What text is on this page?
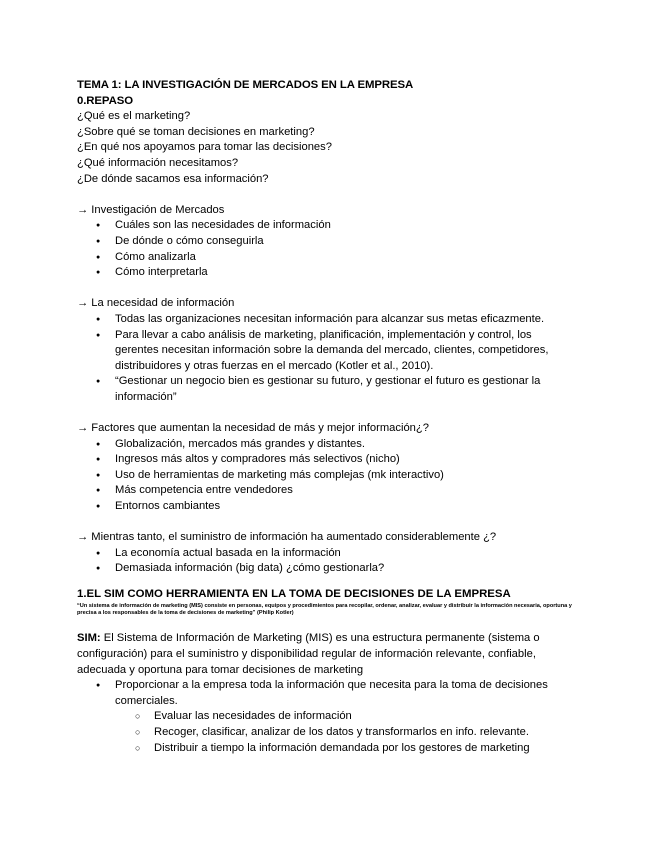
TEMA 1: LA INVESTIGACIÓN DE MERCADOS EN LA EMPRESA
0.REPASO
¿Qué es el marketing?
¿Sobre qué se toman decisiones en marketing?
¿En qué nos apoyamos para tomar las decisiones?
¿Qué información necesitamos?
¿De dónde sacamos esa información?
→ Investigación de Mercados
● Cuáles son las necesidades de información
● De dónde o cómo conseguirla
● Cómo analizarla
● Cómo interpretarla
→ La necesidad de información
● Todas las organizaciones necesitan información para alcanzar sus metas eficazmente.
● Para llevar a cabo análisis de marketing, planificación, implementación y control, los gerentes necesitan información sobre la demanda del mercado, clientes, competidores, distribuidores y otras fuerzas en el mercado (Kotler et al., 2010).
● “Gestionar un negocio bien es gestionar su futuro, y gestionar el futuro es gestionar la información”
→ Factores que aumentan la necesidad de más y mejor información¿?
● Globalización, mercados más grandes y distantes.
● Ingresos más altos y compradores más selectivos (nicho)
● Uso de herramientas de marketing más complejas (mk interactivo)
● Más competencia entre vendedores
● Entornos cambiantes
→ Mientras tanto, el suministro de información ha aumentado considerablemente ¿?
● La economía actual basada en la información
● Demasiada información (big data) ¿cómo gestionarla?
1.EL SIM COMO HERRAMIENTA EN LA TOMA DE DECISIONES DE LA EMPRESA
“Un sistema de información de marketing (MIS) consiste en personas, equipos y procedimientos para recopilar, ordenar, analizar, evaluar y distribuir la información necesaria, oportuna y precisa a los responsables de la toma de decisiones de marketing” (Philip Kotler)
SIM: El Sistema de Información de Marketing (MIS) es una estructura permanente (sistema o configuración) para el suministro y disponibilidad regular de información relevante, confiable, adecuada y oportuna para tomar decisiones de marketing
● Proporcionar a la empresa toda la información que necesita para la toma de decisiones comerciales.
○ Evaluar las necesidades de información
○ Recoger, clasificar, analizar de los datos y transformarlos en info. relevante.
○ Distribuir a tiempo la información demandada por los gestores de marketing
